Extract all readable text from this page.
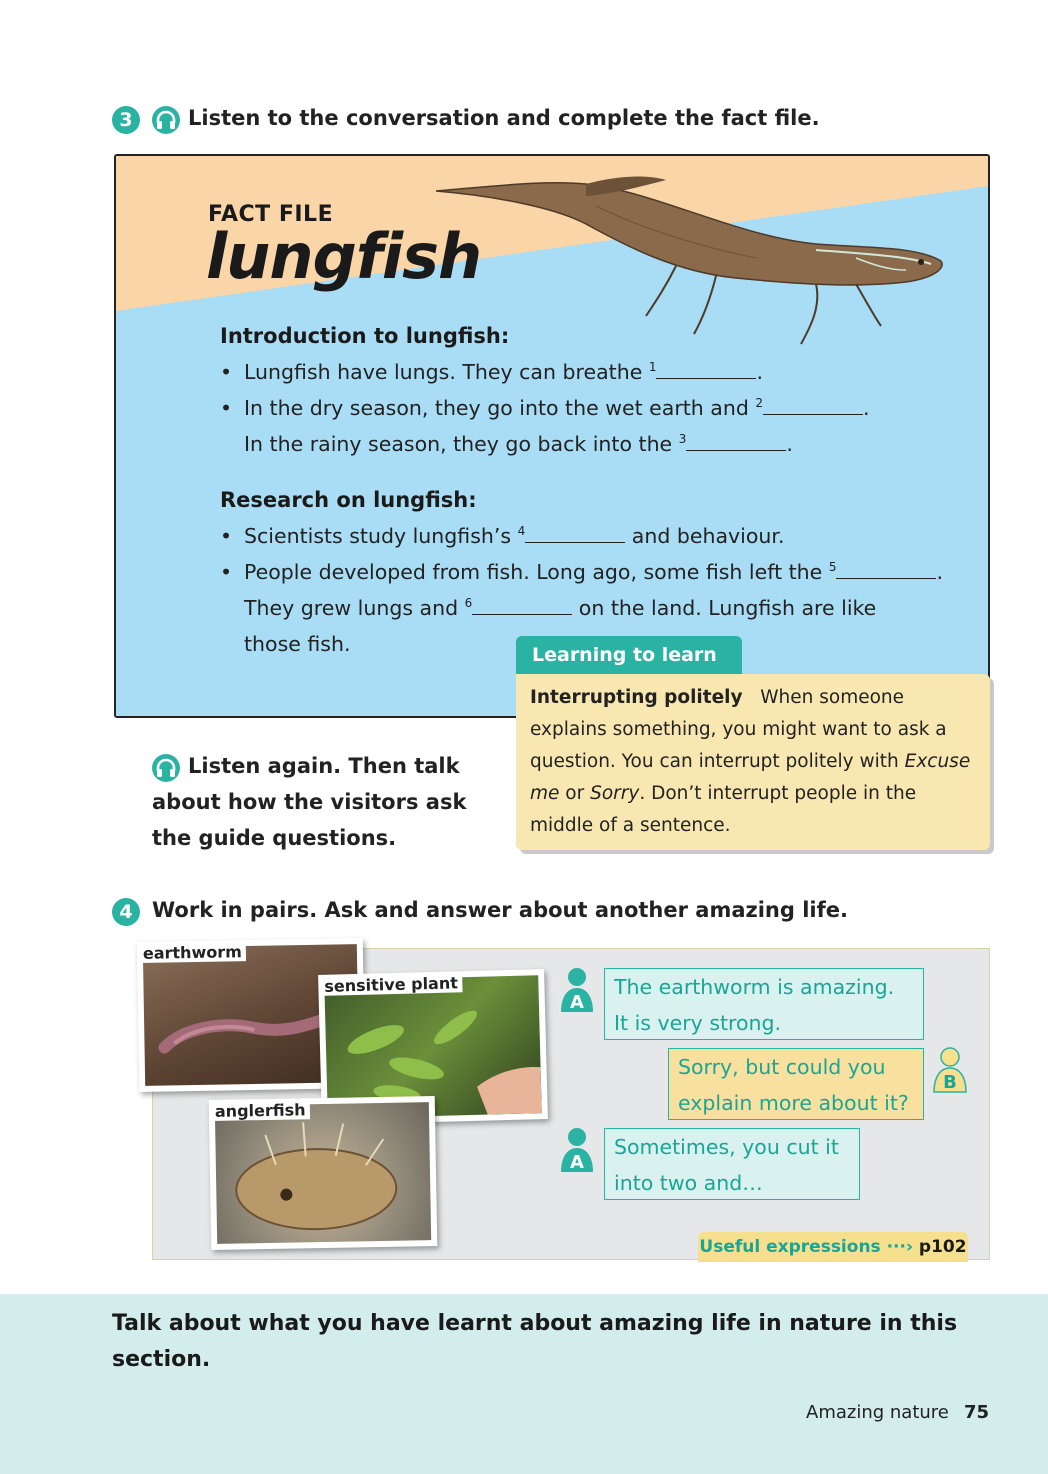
3	Listen to the conversation and complete the fact file.
FACT FILE
lungfish
Introduction to lungfish:
• Lungfish have lungs. They can breathe $^1$	.
• In the dry season, they go into the wet earth and $^2$	.
In the rainy season, they go back into the $^3$	.
Research on lungfish:
• Scientists study lungfish’s $^4$	and behaviour.
• People developed from fish. Long ago, some fish left the $^5$	.
They grew lungs and $^6$	on the land. Lungfish are like
those fish.	Learning to learn
Interrupting politely When someone explains something, you might want to ask a question. You can interrupt politely with Excuse me or Sorry. Don’t interrupt people in the middle of a sentence.
Listen again. Then talk
about how the visitors ask
the guide questions.
4 Work in pairs. Ask and answer about another amazing life.
earthworm
sensitive plant
anglerfish
A
B
A
The earthworm is amazing.
It is very strong.
Sorry, but could you
explain more about it?
Sometimes, you cut it
into two and…
Useful expressions
···›
p102
Talk about what you have learnt about amazing life in nature in this section.
Amazing nature 75
